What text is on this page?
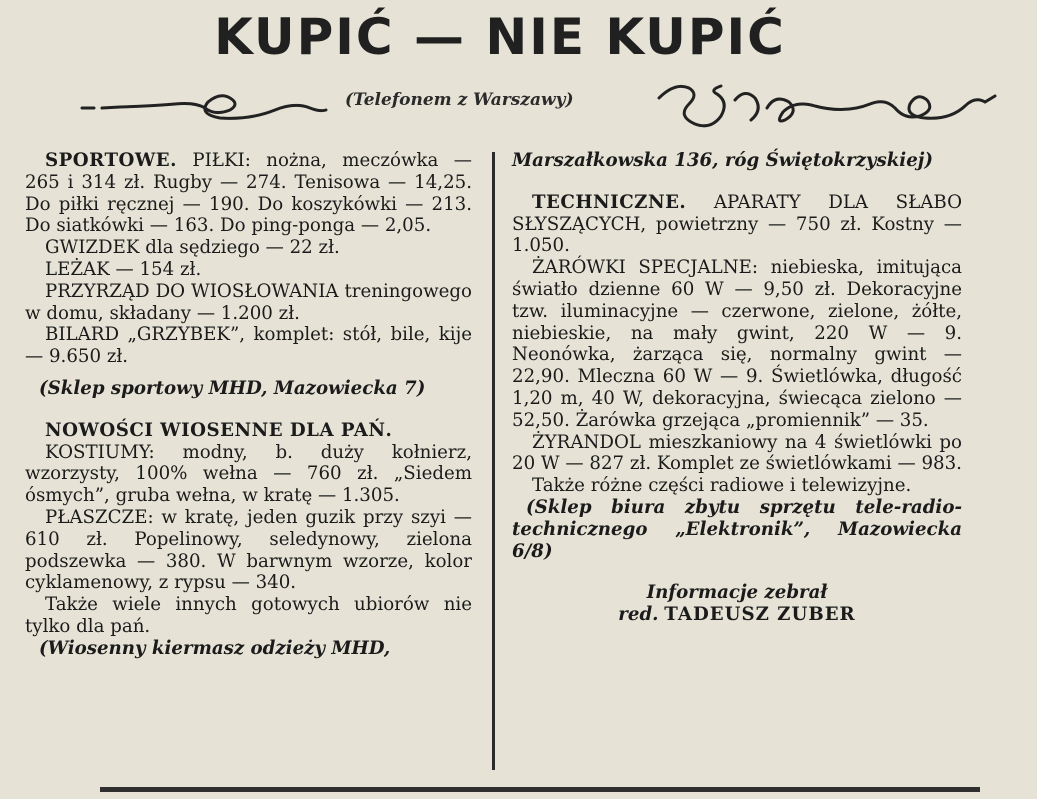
KUPIĆ — NIE KUPIĆ
(Telefonem z Warszawy)

SPORTOWE. PIŁKI: nożna, meczówka — 265 i 314 zł. Rugby — 274. Tenisowa — 14,25. Do piłki ręcznej — 190. Do koszykówki — 213. Do siatkówki — 163. Do ping-ponga — 2,05.

GWIZDEK dla sędziego — 22 zł.

LEŻAK — 154 zł.

PRZYRZĄD DO WIOSŁOWANIA treningowego w domu, składany — 1.200 zł.

BILARD „GRZYBEK”, komplet: stół, bile, kije — 9.650 zł.

(Sklep sportowy MHD, Mazowiecka 7)

NOWOŚCI WIOSENNE DLA PAŃ.

KOSTIUMY: modny, b. duży kołnierz, wzorzysty, 100% wełna — 760 zł. „Siedem ósmych”, gruba wełna, w kratę — 1.305.

PŁASZCZE: w kratę, jeden guzik przy szyi — 610 zł. Popelinowy, seledynowy, zielona podszewka — 380. W barwnym wzorze, kolor cyklamenowy, z rypsu — 340.

Także wiele innych gotowych ubiorów nie tylko dla pań.

(Wiosenny kiermasz odzieży MHD,

Marszałkowska 136, róg Świętokrzyskiej)

TECHNICZNE. APARATY DLA SŁABO SŁYSZĄCYCH, powietrzny — 750 zł. Kostny — 1.050.

ŻARÓWKI SPECJALNE: niebieska, imitująca światło dzienne 60 W — 9,50 zł. Dekoracyjne tzw. iluminacyjne — czerwone, zielone, żółte, niebieskie, na mały gwint, 220 W — 9. Neonówka, żarząca się, normalny gwint — 22,90. Mleczna 60 W — 9. Świetlówka, długość 1,20 m, 40 W, dekoracyjna, świecąca zielono — 52,50. Żarówka grzejąca „promiennik” — 35.

ŻYRANDOL mieszkaniowy na 4 świetlówki po 20 W — 827 zł. Komplet ze świetlówkami — 983.

Także różne części radiowe i telewizyjne.

(Sklep biura zbytu sprzętu tele-radio-technicznego „Elektronik”, Mazowiecka 6/8)

Informacje zebrał

red. TADEUSZ ZUBER
